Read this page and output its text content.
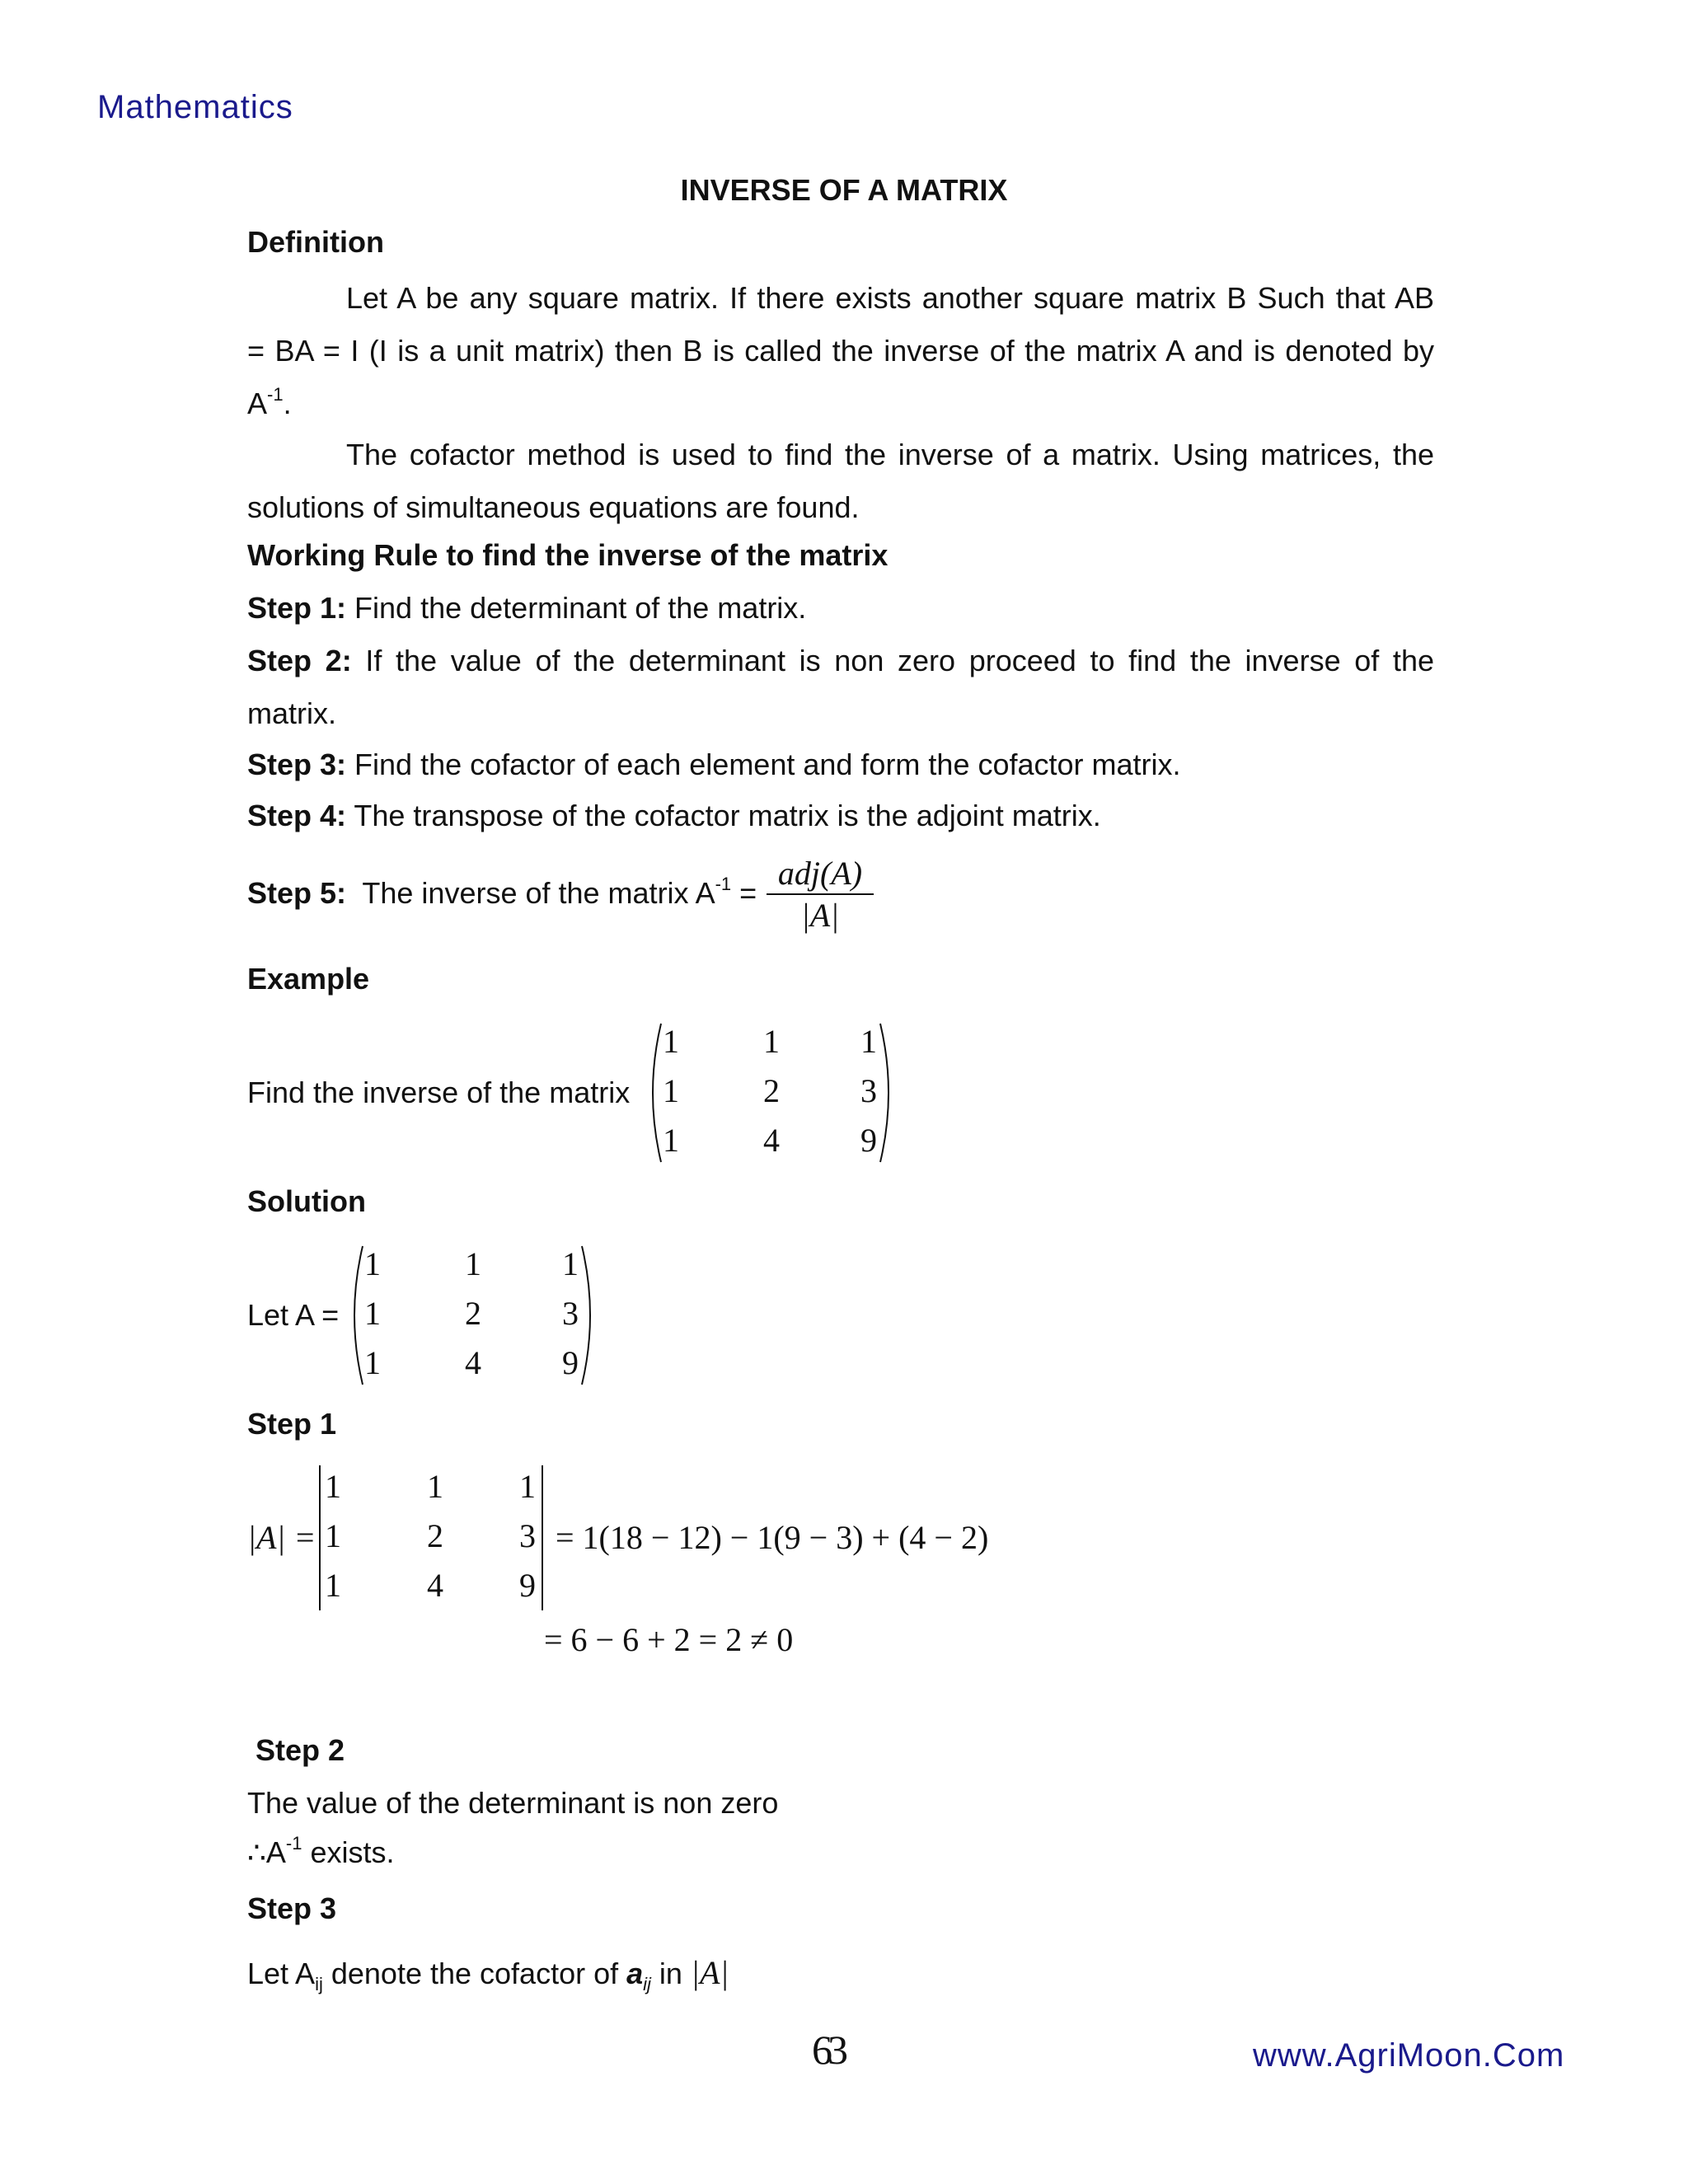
Mathematics
INVERSE OF A MATRIX
Definition
Let A be any square matrix. If there exists another square matrix B Such that AB
= BA = I (I is a unit matrix) then B is called the inverse of the matrix A and is denoted by
$A^{-1}$.
The cofactor method is used to find the inverse of a matrix. Using matrices, the
solutions of simultaneous equations are found.
Working Rule to find the inverse of the matrix
Step 1: Find the determinant of the matrix.
Step 2: If the value of the determinant is non zero proceed to find the inverse of the
matrix.
Step 3: Find the cofactor of each element and form the cofactor matrix.
Step 4: The transpose of the cofactor matrix is the adjoint matrix.
Step 5: The inverse of the matrix $A^{-1}$ =
adj(A)
|A|
Example
Find the inverse of the matrix
1	1 1
1	2 3
1	4 9
Solution
Let A =
1	1 1
1	2 3
1	4 9
Step 1
|A| =
1	1 1
1	2 3
1	4 9
= 1(18 − 12) − 1(9 − 3) + (4 − 2)
= 6 − 6 + 2 = 2 ≠ 0
Step 2
The value of the determinant is non zero
$\therefore A^{-1}$ exists.
Step 3
Let $A_{ij}$ denote the cofactor of $a_{ij}$ in |A|
63	www.AgriMoon.Com
